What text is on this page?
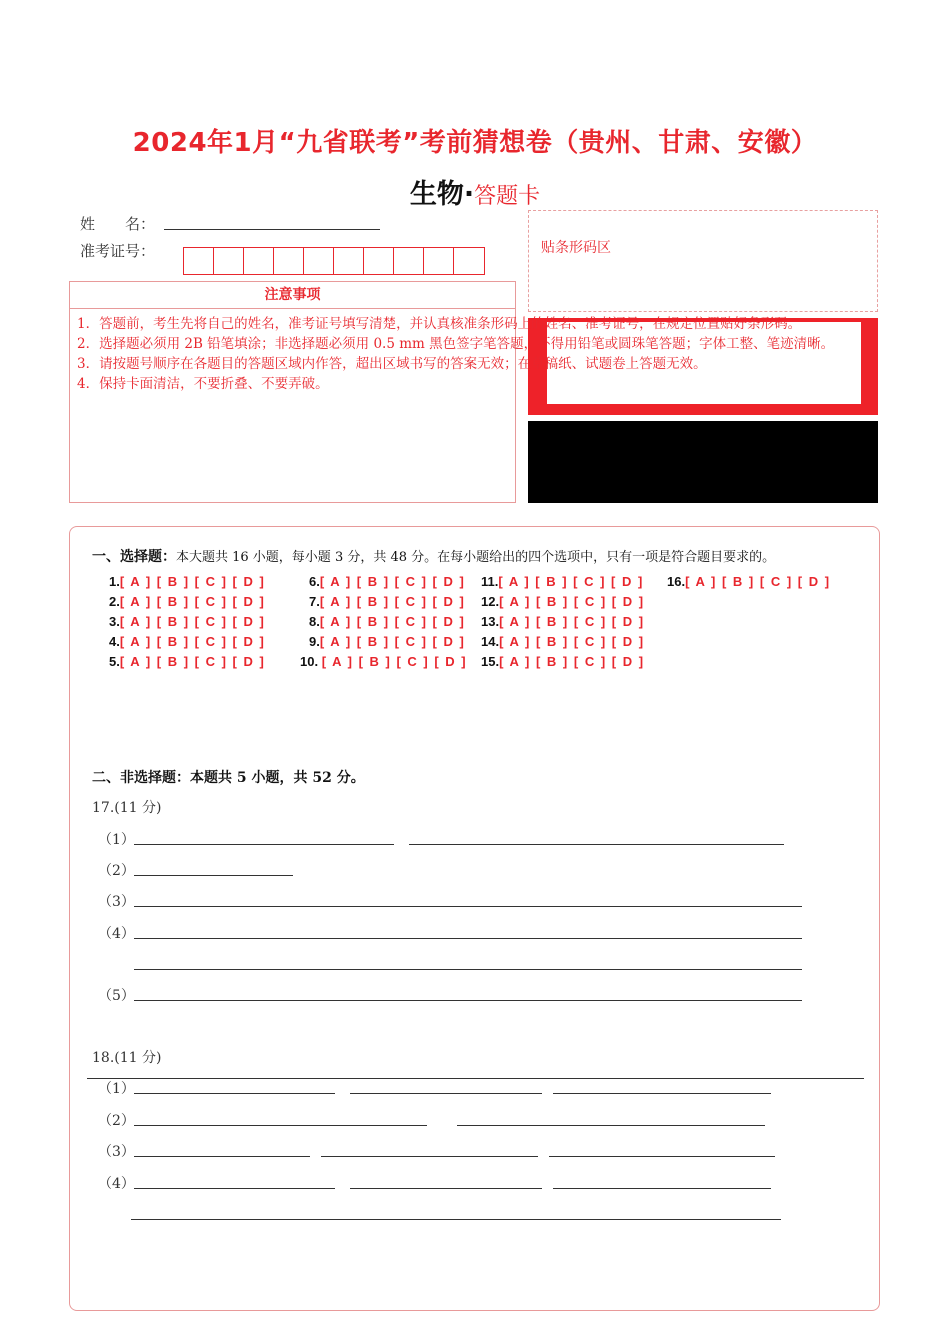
2024年1月“九省联考”考前猜想卷（贵州、甘肃、安徽）
生物·答题卡
姓　　名：
准考证号：
注意事项
贴条形码区
1．答题前，考生先将自己的姓名，准考证号填写清楚，并认真核准条形码上的姓名、准考证号，在规定位置贴好条形码。
2．选择题必须用 2B 铅笔填涂；非选择题必须用 0.5 mm 黑色签字笔答题，不得用铅笔或圆珠笔答题；字体工整、笔迹清晰。
3．请按题号顺序在各题目的答题区域内作答，超出区域书写的答案无效；在草稿纸、试题卷上答题无效。
4．保持卡面清洁，不要折叠、不要弄破。
一、选择题：本大题共 16 小题，每小题 3 分，共 48 分。在每小题给出的四个选项中，只有一项是符合题目要求的。
1.[ A ] [ B ] [ C ] [ D ]
2.[ A ] [ B ] [ C ] [ D ]
3.[ A ] [ B ] [ C ] [ D ]
4.[ A ] [ B ] [ C ] [ D ]
5.[ A ] [ B ] [ C ] [ D ]
6.[ A ] [ B ] [ C ] [ D ]
7.[ A ] [ B ] [ C ] [ D ]
8.[ A ] [ B ] [ C ] [ D ]
9.[ A ] [ B ] [ C ] [ D ]
10. [ A ] [ B ] [ C ] [ D ]
11.[ A ] [ B ] [ C ] [ D ]
12.[ A ] [ B ] [ C ] [ D ]
13.[ A ] [ B ] [ C ] [ D ]
14.[ A ] [ B ] [ C ] [ D ]
15.[ A ] [ B ] [ C ] [ D ]
16.[ A ] [ B ] [ C ] [ D ]
二、非选择题：本题共 5 小题，共 52 分。
17.(11 分)
（1）
（2）
（3）
（4）
（5）
18.(11 分)
（1）
（2）
（3）
（4）
